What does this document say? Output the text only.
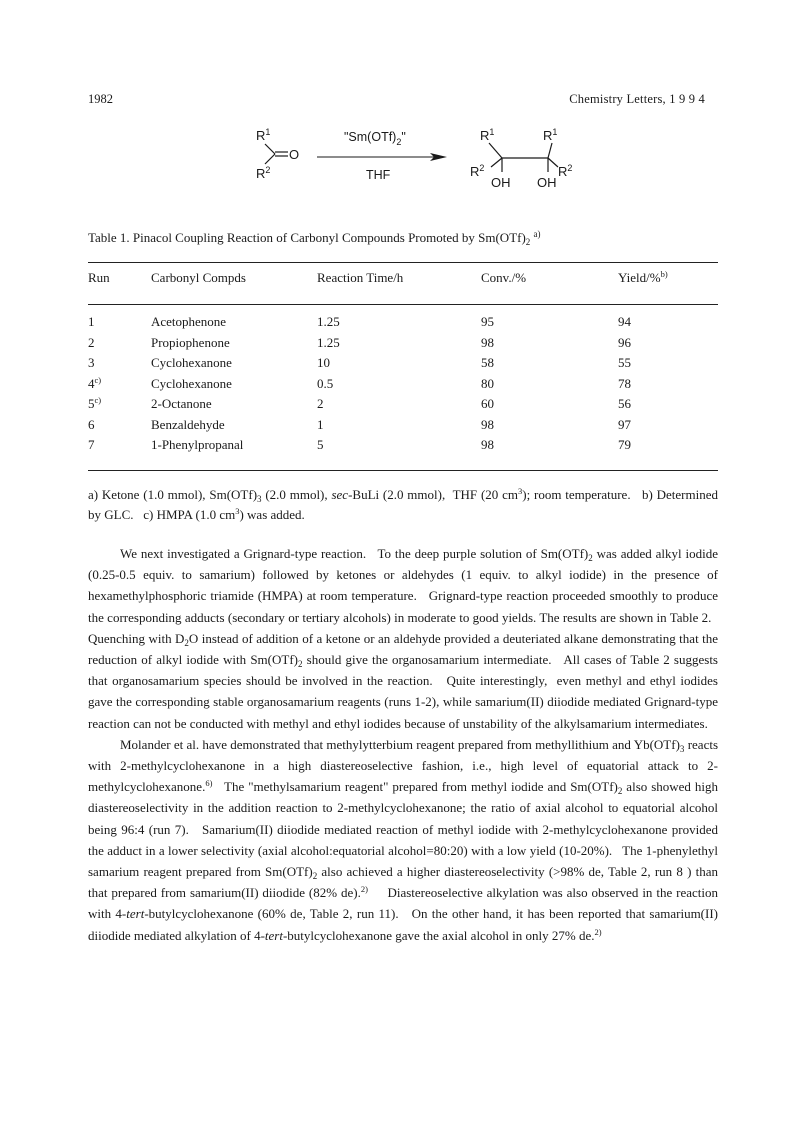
1982	Chemistry Letters, 1 9 9 4
$R^1$
$R^2$
O
"$Sm(OTf)_2$"
THF
$R^1$	$R^1$
$R^2$	$R^2$
OH OH
Table 1. Pinacol Coupling Reaction of Carbonyl Compounds Promoted by $Sm(OTf)_2$ $^{a)}$
Run	Carbonyl Compds	Reaction Time/h	Conv./%	Yield/%$^{b)}$
1	Acetophenone	1.25	95	94
2	Propiophenone	1.25	98	96
3	Cyclohexanone	10	58	55
4$^{c)}$	Cyclohexanone	0.5	80	78
5$^{c)}$	2-Octanone	2	60	56
6	Benzaldehyde	1	98	97
7	1-Phenylpropanal	5	98	79
a) Ketone (1.0 mmol), $Sm(OTf)_3$ (2.0 mmol), sec-BuLi (2.0 mmol),  THF (20 $cm^3$); room temperature.   b) Determined by GLC.   c) HMPA (1.0 $cm^3$) was added.

We next investigated a Grignard-type reaction.   To the deep purple solution of $Sm(OTf)_2$ was added alkyl iodide (0.25-0.5 equiv. to samarium) followed by ketones or aldehydes (1 equiv. to alkyl iodide) in the presence of hexamethylphosphoric triamide (HMPA) at room temperature.   Grignard-type reaction proceeded smoothly to produce the corresponding adducts (secondary or tertiary alcohols) in moderate to good yields. The results are shown in Table 2.   Quenching with $D_2O$ instead of addition of a ketone or an aldehyde provided a deuteriated alkane demonstrating that the reduction of alkyl iodide with $Sm(OTf)_2$ should give the organosamarium intermediate.   All cases of Table 2 suggests that organosamarium species should be involved in the reaction.   Quite interestingly,  even methyl and ethyl iodides gave the corresponding stable organosamarium reagents (runs 1-2), while samarium(II) diiodide mediated Grignard-type reaction can not be conducted with methyl and ethyl iodides because of unstability of the alkylsamarium intermediates.

Molander et al. have demonstrated that methylytterbium reagent prepared from methyllithium and $Yb(OTf)_3$ reacts with 2-methylcyclohexanone in a high diastereoselective fashion, i.e., high level of equatorial attack to 2-methylcyclohexanone.$^{6)}$   The "methylsamarium reagent" prepared from methyl iodide and $Sm(OTf)_2$ also showed high diastereoselectivity in the addition reaction to 2-methylcyclohexanone; the ratio of axial alcohol to equatorial alcohol being 96:4 (run 7).   Samarium(II) diiodide mediated reaction of methyl iodide with 2-methylcyclohexanone provided the adduct in a lower selectivity (axial alcohol:equatorial alcohol=80:20) with a low yield (10-20%).   The 1-phenylethyl samarium reagent prepared from $Sm(OTf)_2$ also achieved a higher diastereoselectivity (>98% de, Table 2, run 8 ) than that prepared from samarium(II) diiodide (82% de).$^{2)}$     Diastereoselective alkylation was also observed in the reaction with 4-tert-butylcyclohexanone (60% de, Table 2, run 11).   On the other hand, it has been reported that samarium(II) diiodide mediated alkylation of 4-tert-butylcyclohexanone gave the axial alcohol in only 27% de.$^{2)}$
